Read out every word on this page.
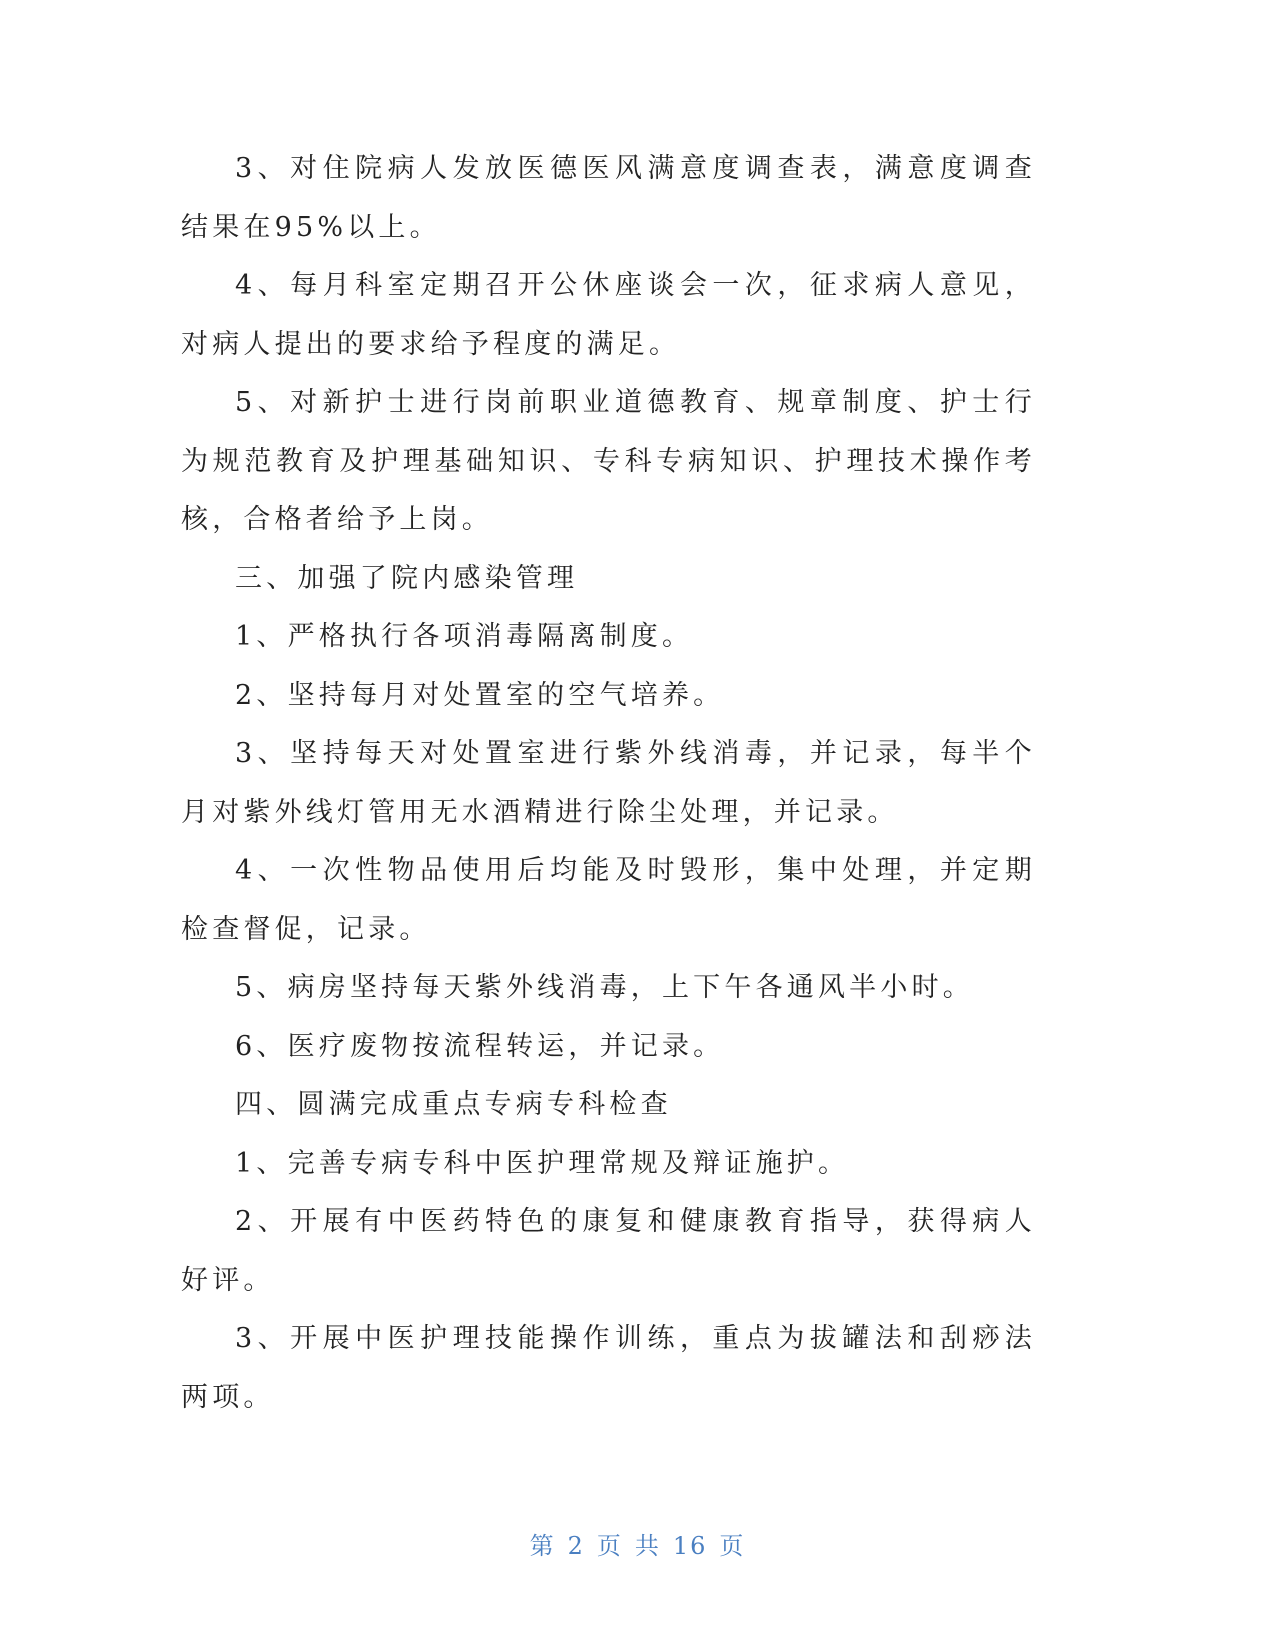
3、对住院病人发放医德医风满意度调查表，满意度调查结果在95%以上。

4、每月科室定期召开公休座谈会一次，征求病人意见，对病人提出的要求给予程度的满足。

5、对新护士进行岗前职业道德教育、规章制度、护士行为规范教育及护理基础知识、专科专病知识、护理技术操作考核，合格者给予上岗。

三、加强了院内感染管理

1、严格执行各项消毒隔离制度。

2、坚持每月对处置室的空气培养。

3、坚持每天对处置室进行紫外线消毒，并记录，每半个月对紫外线灯管用无水酒精进行除尘处理，并记录。

4、一次性物品使用后均能及时毁形，集中处理，并定期检查督促，记录。

5、病房坚持每天紫外线消毒，上下午各通风半小时。

6、医疗废物按流程转运，并记录。

四、圆满完成重点专病专科检查

1、完善专病专科中医护理常规及辩证施护。

2、开展有中医药特色的康复和健康教育指导，获得病人好评。

3、开展中医护理技能操作训练，重点为拔罐法和刮痧法两项。

第 2 页 共 16 页
